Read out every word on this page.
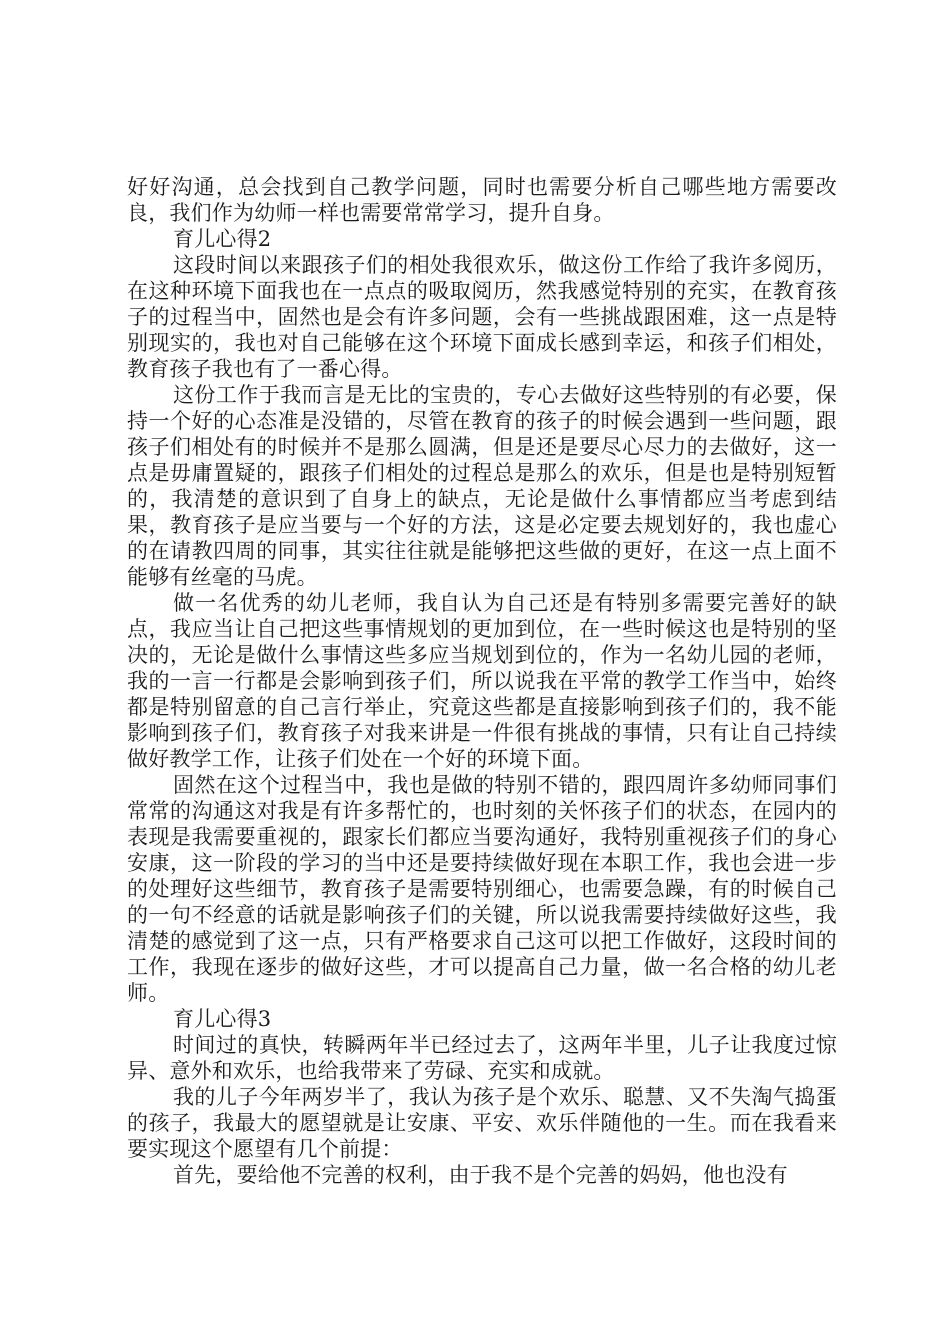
好好沟通，总会找到自己教学问题，同时也需要分析自己哪些地方需要改良，我们作为幼师一样也需要常常学习，提升自身。

育儿心得2

这段时间以来跟孩子们的相处我很欢乐，做这份工作给了我许多阅历，在这种环境下面我也在一点点的吸取阅历，然我感觉特别的充实，在教育孩子的过程当中，固然也是会有许多问题，会有一些挑战跟困难，这一点是特别现实的，我也对自己能够在这个环境下面成长感到幸运，和孩子们相处，教育孩子我也有了一番心得。

这份工作于我而言是无比的宝贵的，专心去做好这些特别的有必要，保持一个好的心态准是没错的，尽管在教育的孩子的时候会遇到一些问题，跟孩子们相处有的时候并不是那么圆满，但是还是要尽心尽力的去做好，这一点是毋庸置疑的，跟孩子们相处的过程总是那么的欢乐，但是也是特别短暂的，我清楚的意识到了自身上的缺点，无论是做什么事情都应当考虑到结果，教育孩子是应当要与一个好的方法，这是必定要去规划好的，我也虚心的在请教四周的同事，其实往往就是能够把这些做的更好，在这一点上面不能够有丝毫的马虎。

做一名优秀的幼儿老师，我自认为自己还是有特别多需要完善好的缺点，我应当让自己把这些事情规划的更加到位，在一些时候这也是特别的坚决的，无论是做什么事情这些多应当规划到位的，作为一名幼儿园的老师，我的一言一行都是会影响到孩子们，所以说我在平常的教学工作当中，始终都是特别留意的自己言行举止，究竟这些都是直接影响到孩子们的，我不能影响到孩子们，教育孩子对我来讲是一件很有挑战的事情，只有让自己持续做好教学工作，让孩子们处在一个好的环境下面。

固然在这个过程当中，我也是做的特别不错的，跟四周许多幼师同事们常常的沟通这对我是有许多帮忙的，也时刻的关怀孩子们的状态，在园内的表现是我需要重视的，跟家长们都应当要沟通好，我特别重视孩子们的身心安康，这一阶段的学习的当中还是要持续做好现在本职工作，我也会进一步的处理好这些细节，教育孩子是需要特别细心，也需要急躁，有的时候自己的一句不经意的话就是影响孩子们的关键，所以说我需要持续做好这些，我清楚的感觉到了这一点，只有严格要求自己这可以把工作做好，这段时间的工作，我现在逐步的做好这些，才可以提高自己力量，做一名合格的幼儿老师。

育儿心得3

时间过的真快，转瞬两年半已经过去了，这两年半里，儿子让我度过惊异、意外和欢乐，也给我带来了劳碌、充实和成就。

我的儿子今年两岁半了，我认为孩子是个欢乐、聪慧、又不失淘气捣蛋的孩子，我最大的愿望就是让安康、平安、欢乐伴随他的一生。而在我看来要实现这个愿望有几个前提：

首先，要给他不完善的权利，由于我不是个完善的妈妈，他也没有
